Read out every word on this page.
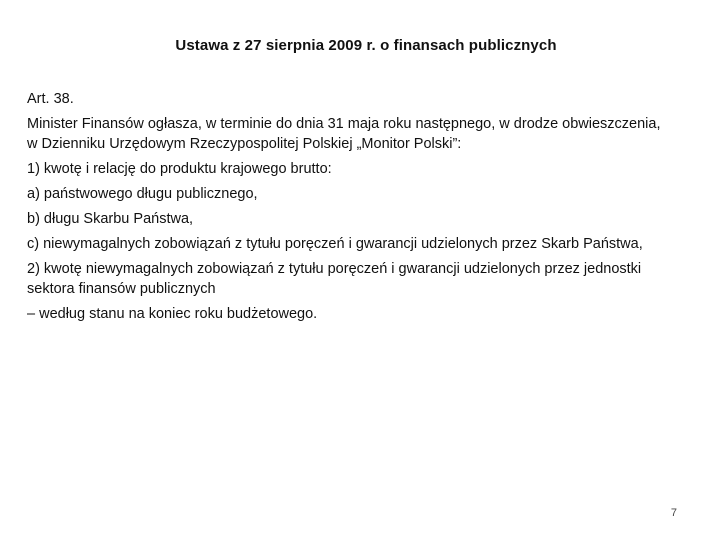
Ustawa z 27 sierpnia 2009 r. o finansach publicznych

Art. 38.

Minister Finansów ogłasza, w terminie do dnia 31 maja roku następnego, w drodze obwieszczenia, w Dzienniku Urzędowym Rzeczypospolitej Polskiej „Monitor Polski”:

1) kwotę i relację do produktu krajowego brutto:

a) państwowego długu publicznego,

b) długu Skarbu Państwa,

c) niewymagalnych zobowiązań z tytułu poręczeń i gwarancji udzielonych przez Skarb Państwa,

2) kwotę niewymagalnych zobowiązań z tytułu poręczeń i gwarancji udzielonych przez jednostki sektora finansów publicznych

– według stanu na koniec roku budżetowego.

7
